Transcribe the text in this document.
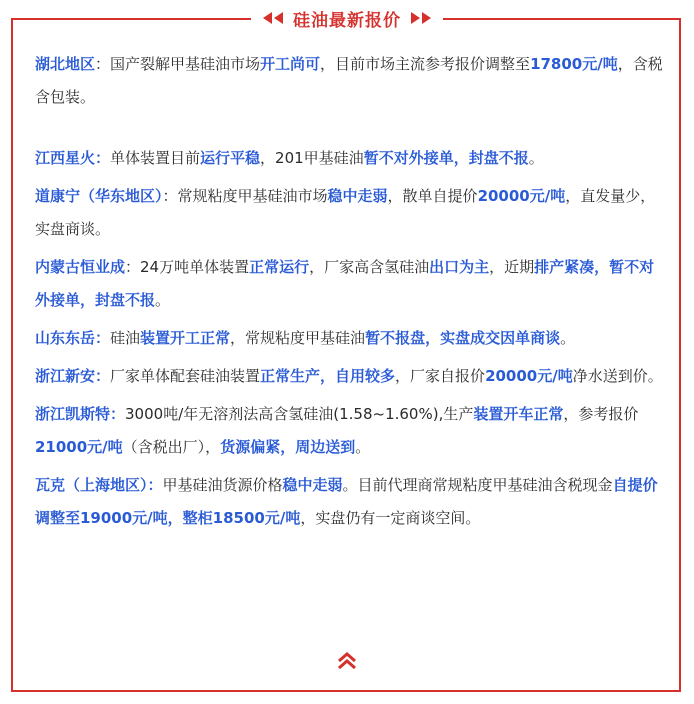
硅油最新报价

湖北地区：国产裂解甲基硅油市场开工尚可，目前市场主流参考报价调整至17800元/吨，含税含包装。

江西星火：单体装置目前运行平稳，201甲基硅油暂不对外接单，封盘不报。

道康宁（华东地区）：常规粘度甲基硅油市场稳中走弱，散单自提价20000元/吨，直发量少，实盘商谈。

内蒙古恒业成：24万吨单体装置正常运行，厂家高含氢硅油出口为主，近期排产紧凑，暂不对外接单，封盘不报。

山东东岳：硅油装置开工正常，常规粘度甲基硅油暂不报盘，实盘成交因单商谈。

浙江新安：厂家单体配套硅油装置正常生产，自用较多，厂家自报价20000元/吨净水送到价。

浙江凯斯特：3000吨/年无溶剂法高含氢硅油(1.58~1.60%),生产装置开车正常，参考报价21000元/吨（含税出厂），货源偏紧，周边送到。

瓦克（上海地区）：甲基硅油货源价格稳中走弱。目前代理商常规粘度甲基硅油含税现金自提价调整至19000元/吨，整柜18500元/吨，实盘仍有一定商谈空间。
